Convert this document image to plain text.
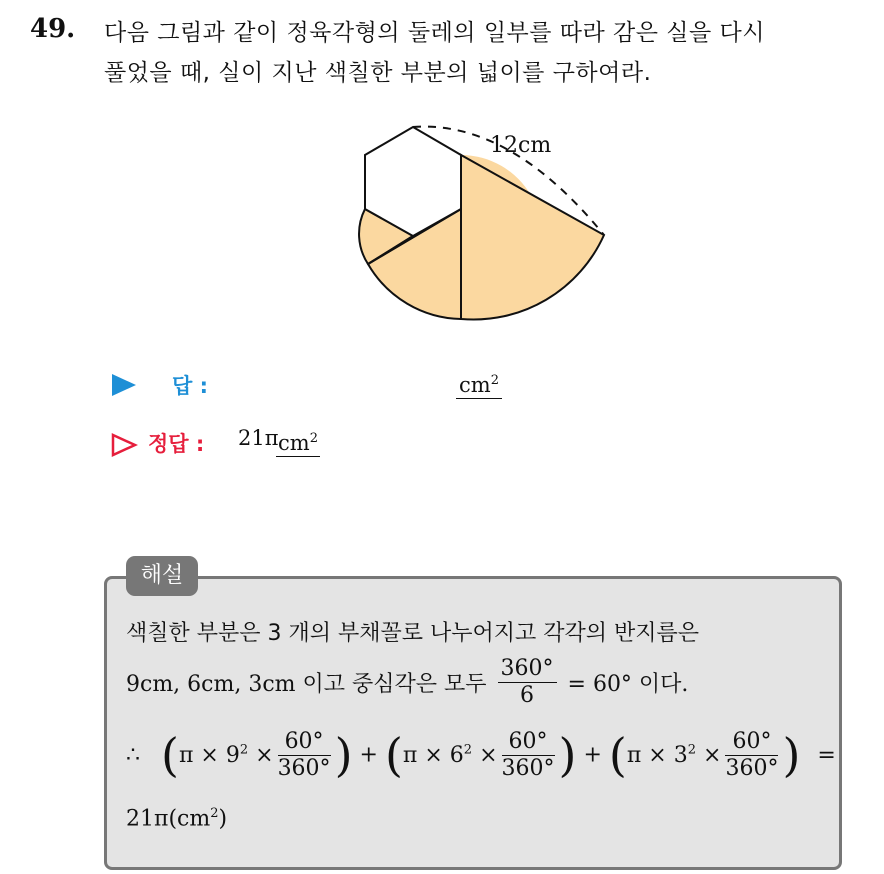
49. 다음 그림과 같이 정육각형의 둘레의 일부를 따라 감은 실을 다시
풀었을 때, 실이 지난 색칠한 부분의 넓이를 구하여라.
12cm
답 :	$cm^2$
정답 : 21π $cm^2$
해설
색칠한 부분은 3 개의 부채꼴로 나누어지고 각각의 반지름은
9cm, 6cm, 3cm 이고 중심각은 모두 $\frac{360^\circ}{6} = 60^\circ$ 이다.
∴ ($\pi \times 9^2 \times \frac{60^\circ}{360^\circ}$ ) + ($\pi \times 6^2 \times \frac{60^\circ}{360^\circ}$ ) + ($\pi \times 3^2 \times \frac{60^\circ}{360^\circ}$ ) =
$21\pi(cm^2)$
